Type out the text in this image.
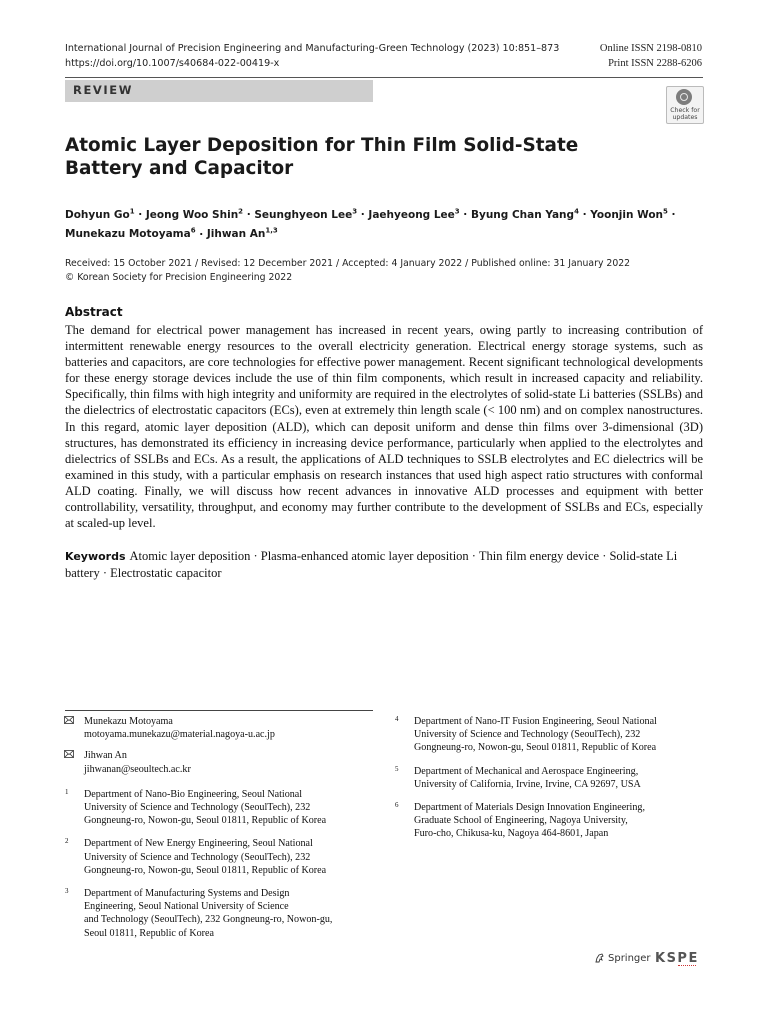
International Journal of Precision Engineering and Manufacturing-Green Technology (2023) 10:851–873
https://doi.org/10.1007/s40684-022-00419-x
Online ISSN 2198-0810
Print ISSN 2288-6206
REVIEW
Check for
updates
Atomic Layer Deposition for Thin Film Solid-State Battery and Capacitor
Dohyun $Go^1$ · Jeong Woo Shin$^2$ · Seunghyeon Lee$^3$ · Jaehyeong Lee$^3$ · Byung Chan Yang$^4$ · Yoonjin Won$^5$ ·
Munekazu Motoyama$^6$ · Jihwan An$^{1,3}$
Received: 15 October 2021 / Revised: 12 December 2021 / Accepted: 4 January 2022 / Published online: 31 January 2022
© Korean Society for Precision Engineering 2022
Abstract
The demand for electrical power management has increased in recent years, owing partly to increasing contribution of intermittent renewable energy resources to the overall electricity generation. Electrical energy storage systems, such as batteries and capacitors, are core technologies for effective power management. Recent significant technological developments for these energy storage devices include the use of thin film components, which result in increased capacity and reliability. Specifically, thin films with high integrity and uniformity are required in the electrolytes of solid-state Li batteries (SSLBs) and the dielectrics of electrostatic capacitors (ECs), even at extremely thin length scale (< 100 nm) and on complex nanostructures. In this regard, atomic layer deposition (ALD), which can deposit uniform and dense thin films over 3-dimensional (3D) structures, has demonstrated its efficiency in increasing device performance, particularly when applied to the electrolytes and dielectrics of SSLBs and ECs. As a result, the applications of ALD techniques to SSLB electrolytes and EC dielectrics will be examined in this study, with a particular emphasis on research instances that used high aspect ratio structures with conformal ALD coating. Finally, we will discuss how recent advances in innovative ALD processes and equipment with better controllability, versatility, throughput, and economy may further contribute to the development of SSLBs and ECs, especially at scaled-up level.
Keywords Atomic layer deposition · Plasma-enhanced atomic layer deposition · Thin film energy device · Solid-state Li battery · Electrostatic capacitor
Munekazu Motoyama
motoyama.munekazu@material.nagoya-u.ac.jp
Jihwan An
jihwanan@seoultech.ac.kr
1 Department of Nano-Bio Engineering, Seoul National
University of Science and Technology (SeoulTech), 232
Gongneung-ro, Nowon-gu, Seoul 01811, Republic of Korea
2 Department of New Energy Engineering, Seoul National
University of Science and Technology (SeoulTech), 232
Gongneung-ro, Nowon-gu, Seoul 01811, Republic of Korea
3 Department of Manufacturing Systems and Design
Engineering, Seoul National University of Science
and Technology (SeoulTech), 232 Gongneung-ro, Nowon-gu,
Seoul 01811, Republic of Korea
4 Department of Nano-IT Fusion Engineering, Seoul National
University of Science and Technology (SeoulTech), 232
Gongneung-ro, Nowon-gu, Seoul 01811, Republic of Korea
5 Department of Mechanical and Aerospace Engineering,
University of California, Irvine, Irvine, CA 92697, USA
6 Department of Materials Design Innovation Engineering,
Graduate School of Engineering, Nagoya University,
Furo-cho, Chikusa-ku, Nagoya 464-8601, Japan
Springer KSPE
